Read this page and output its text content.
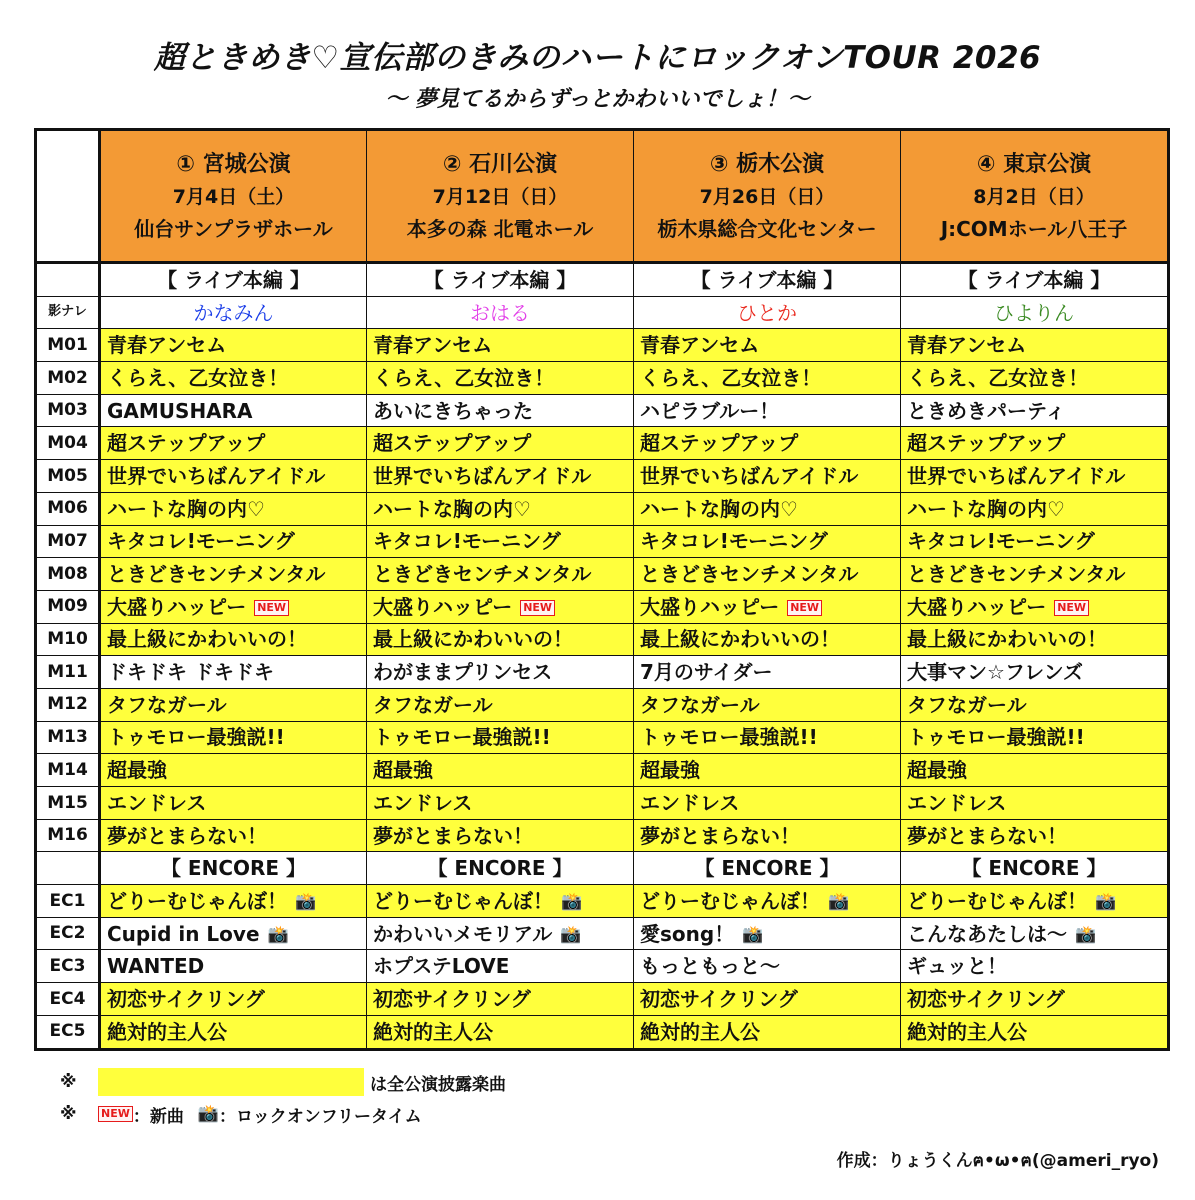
超ときめき♡宣伝部のきみのハートにロックオンTOUR 2026
〜 夢見てるからずっとかわいいでしょ！〜

	① 宮城公演
7月4日（土）
仙台サンプラザホール	② 石川公演
7月12日（日）
本多の森 北電ホール	③ 栃木公演
7月26日（日）
栃木県総合文化センター	④ 東京公演
8月2日（日）
J:COMホール八王子

	【 ライブ本編 】	【 ライブ本編 】	【 ライブ本編 】	【 ライブ本編 】
影ナレ	かなみん	おはる	ひとか	ひよりん
M01	青春アンセム	青春アンセム	青春アンセム	青春アンセム
M02	くらえ、乙女泣き！	くらえ、乙女泣き！	くらえ、乙女泣き！	くらえ、乙女泣き！
M03	GAMUSHARA	あいにきちゃった	ハピラブルー！	ときめきパーティ
M04	超ステップアップ	超ステップアップ	超ステップアップ	超ステップアップ
M05	世界でいちばんアイドル	世界でいちばんアイドル	世界でいちばんアイドル	世界でいちばんアイドル
M06	ハートな胸の内♡	ハートな胸の内♡	ハートな胸の内♡	ハートな胸の内♡
M07	キタコレ!モーニング	キタコレ!モーニング	キタコレ!モーニング	キタコレ!モーニング
M08	ときどきセンチメンタル	ときどきセンチメンタル	ときどきセンチメンタル	ときどきセンチメンタル
M09	大盛りハッピー NEW	大盛りハッピー NEW	大盛りハッピー NEW	大盛りハッピー NEW
M10	最上級にかわいいの！	最上級にかわいいの！	最上級にかわいいの！	最上級にかわいいの！
M11	ドキドキ ドキドキ	わがままプリンセス	7月のサイダー	大事マン☆フレンズ
M12	タフなガール	タフなガール	タフなガール	タフなガール
M13	トゥモロー最強説!!	トゥモロー最強説!!	トゥモロー最強説!!	トゥモロー最強説!!
M14	超最強	超最強	超最強	超最強
M15	エンドレス	エンドレス	エンドレス	エンドレス
M16	夢がとまらない！	夢がとまらない！	夢がとまらない！	夢がとまらない！
	【 ENCORE 】	【 ENCORE 】	【 ENCORE 】	【 ENCORE 】
EC1	どりーむじゃんぼ！ 📸	どりーむじゃんぼ！ 📸	どりーむじゃんぼ！ 📸	どりーむじゃんぼ！ 📸
EC2	Cupid in Love 📸	かわいいメモリアル 📸	愛song！ 📸	こんなあたしは〜 📸
EC3	WANTED	ホプステLOVE	もっともっと〜	ギュッと！
EC4	初恋サイクリング	初恋サイクリング	初恋サイクリング	初恋サイクリング
EC5	絶対的主人公	絶対的主人公	絶対的主人公	絶対的主人公
※	は全公演披露楽曲
※	NEW ：新曲 📸 ：ロックオンフリータイム
作成：りょうくんฅ•ω•ฅ(@ameri_ryo)
